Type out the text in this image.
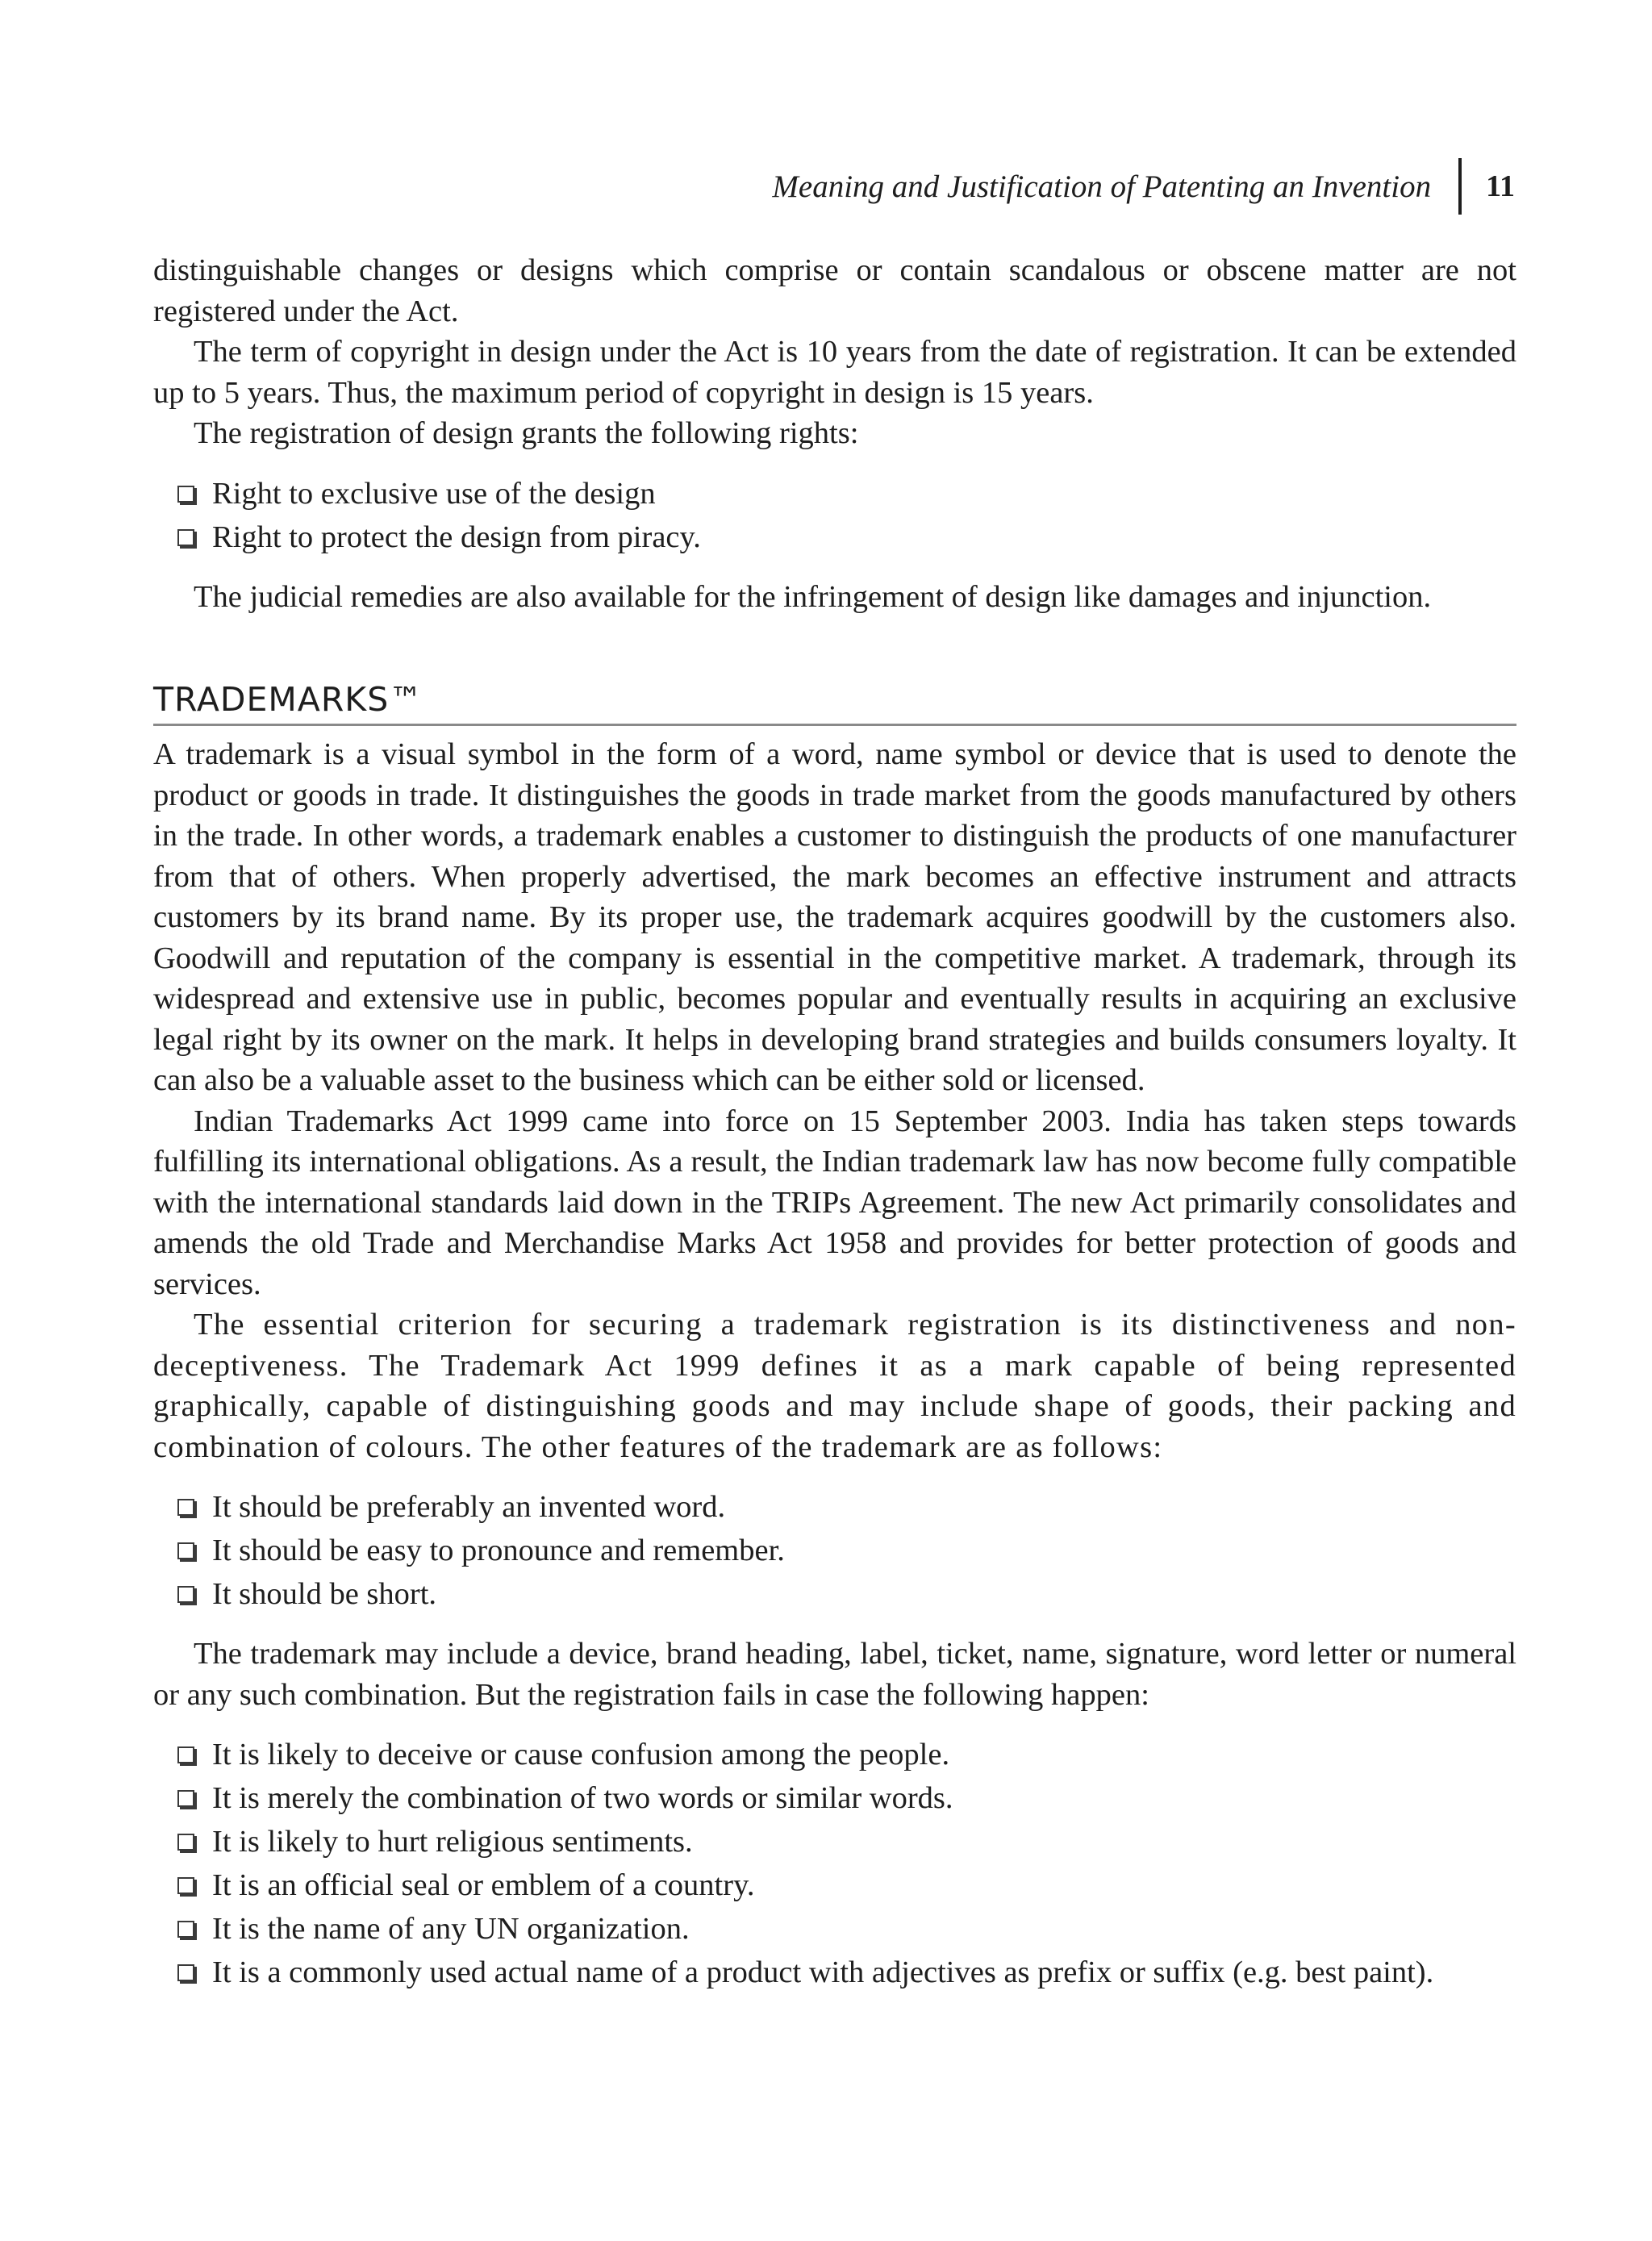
Meaning and Justification of Patenting an Invention	11

distinguishable changes or designs which comprise or contain scandalous or obscene matter are not registered under the Act.

The term of copyright in design under the Act is 10 years from the date of registration. It can be extended up to 5 years. Thus, the maximum period of copyright in design is 15 years.

The registration of design grants the following rights:

Right to exclusive use of the design
Right to protect the design from piracy.

The judicial remedies are also available for the infringement of design like damages and injunction.

TRADEMARKS™

A trademark is a visual symbol in the form of a word, name symbol or device that is used to denote the product or goods in trade. It distinguishes the goods in trade market from the goods manufactured by others in the trade. In other words, a trademark enables a customer to distinguish the products of one manufacturer from that of others. When properly advertised, the mark becomes an effective instrument and attracts customers by its brand name. By its proper use, the trademark acquires goodwill by the customers also. Goodwill and reputation of the company is essential in the competitive market. A trademark, through its widespread and extensive use in public, becomes popular and eventually results in acquiring an exclusive legal right by its owner on the mark. It helps in developing brand strategies and builds consumers loyalty. It can also be a valuable asset to the business which can be either sold or licensed.

Indian Trademarks Act 1999 came into force on 15 September 2003. India has taken steps towards fulfilling its international obligations. As a result, the Indian trademark law has now become fully compatible with the international standards laid down in the TRIPs Agreement. The new Act primarily consolidates and amends the old Trade and Merchandise Marks Act 1958 and provides for better protection of goods and services.

The essential criterion for securing a trademark registration is its distinctiveness and non-deceptiveness. The Trademark Act 1999 defines it as a mark capable of being represented graphically, capable of distinguishing goods and may include shape of goods, their packing and combination of colours. The other features of the trademark are as follows:

It should be preferably an invented word.
It should be easy to pronounce and remember.
It should be short.

The trademark may include a device, brand heading, label, ticket, name, signature, word letter or numeral or any such combination. But the registration fails in case the following happen:

It is likely to deceive or cause confusion among the people.
It is merely the combination of two words or similar words.
It is likely to hurt religious sentiments.
It is an official seal or emblem of a country.
It is the name of any UN organization.
It is a commonly used actual name of a product with adjectives as prefix or suffix (e.g. best paint).
